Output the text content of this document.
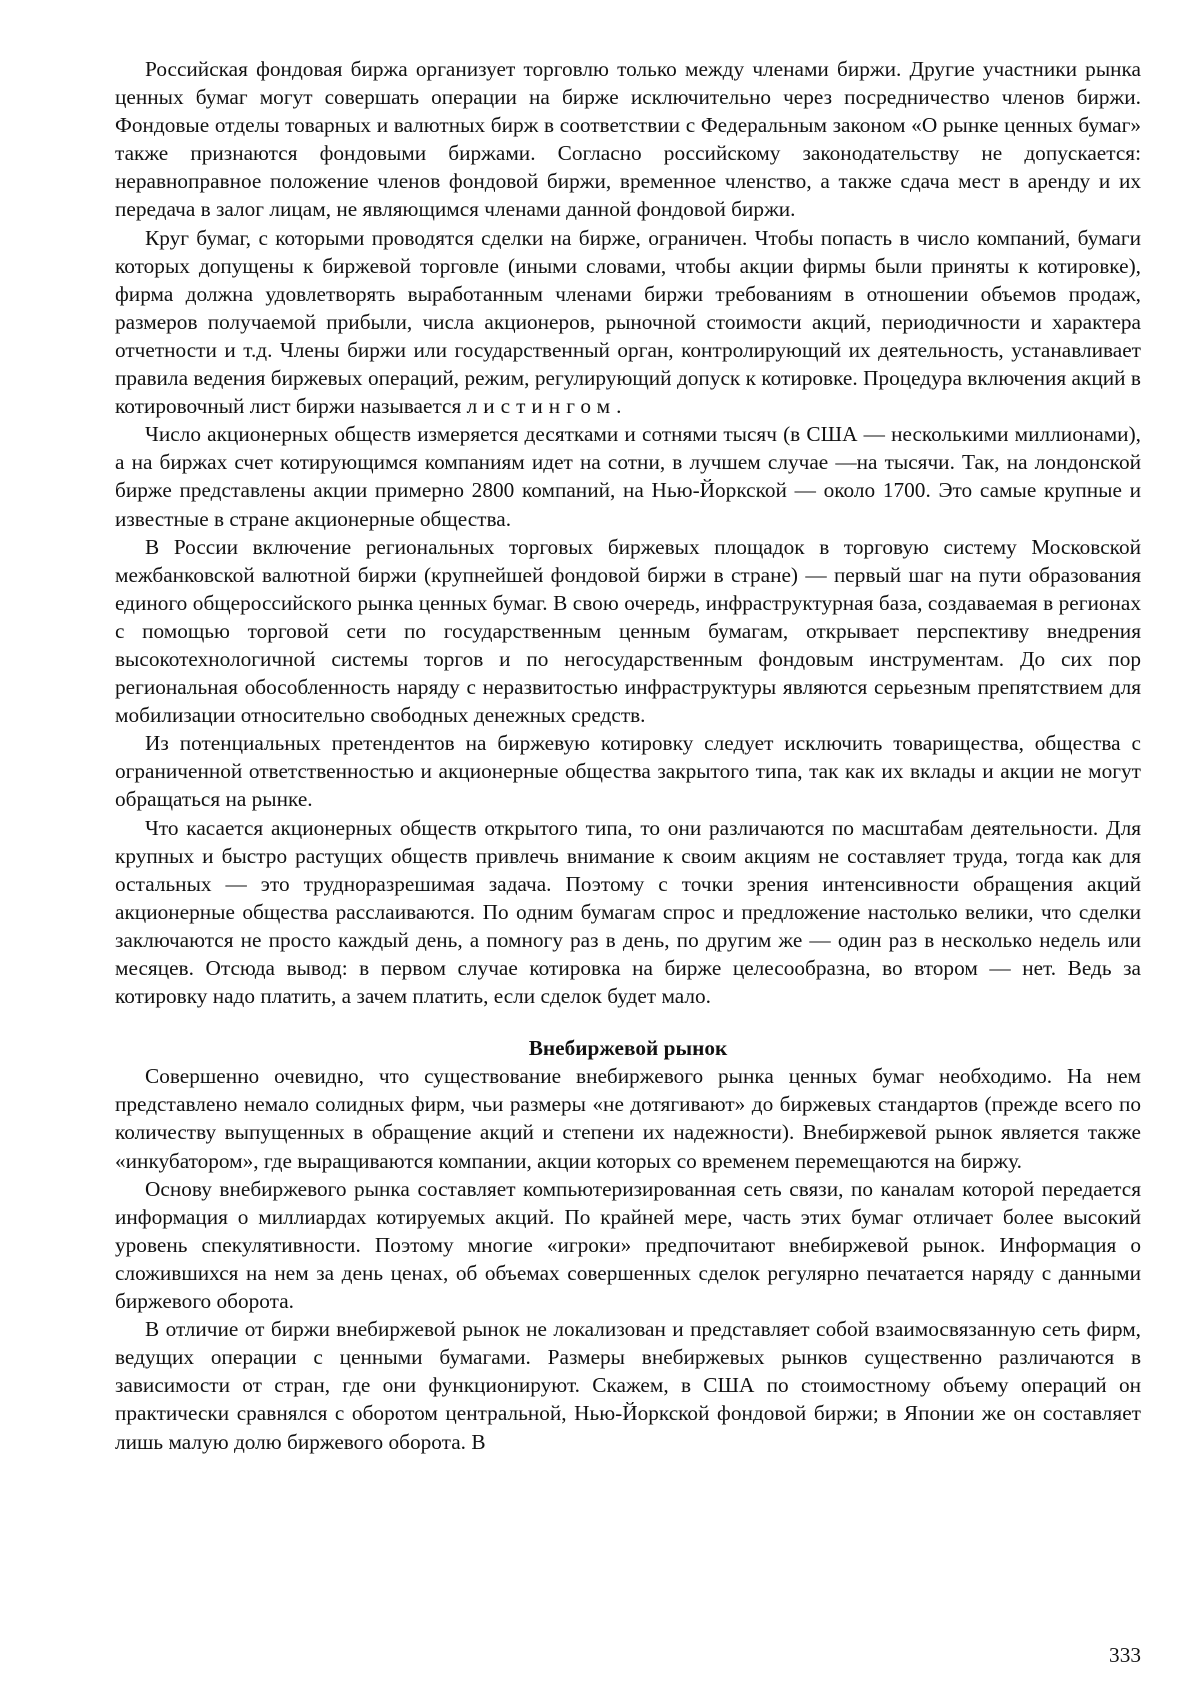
Российская фондовая биржа организует торговлю только между членами биржи. Другие участники рынка ценных бумаг могут совершать операции на бирже исключительно через посредничество членов биржи. Фондовые отделы товарных и валютных бирж в соответствии с Федеральным законом «О рынке ценных бумаг» также признаются фондовыми биржами. Согласно российскому законодательству не допускается: неравноправное положение членов фондовой биржи, временное членство, а также сдача мест в аренду и их передача в залог лицам, не являющимся членами данной фондовой биржи.

Круг бумаг, с которыми проводятся сделки на бирже, ограничен. Чтобы попасть в число компаний, бумаги которых допущены к биржевой торговле (иными словами, чтобы акции фирмы были приняты к котировке), фирма должна удовлетворять выработанным членами биржи требованиям в отношении объемов продаж, размеров получаемой прибыли, числа акционеров, рыночной стоимости акций, периодичности и характера отчетности и т.д. Члены биржи или государственный орган, контролирующий их деятельность, устанавливает правила ведения биржевых операций, режим, регулирующий допуск к котировке. Процедура включения акций в котировочный лист биржи называется листингом.

Число акционерных обществ измеряется десятками и сотнями тысяч (в США — несколькими миллионами), а на биржах счет котирующимся компаниям идет на сотни, в лучшем случае —на тысячи. Так, на лондонской бирже представлены акции примерно 2800 компаний, на Нью-Йоркской — около 1700. Это самые крупные и известные в стране акционерные общества.

В России включение региональных торговых биржевых площадок в торговую систему Московской межбанковской валютной биржи (крупнейшей фондовой биржи в стране) — первый шаг на пути образования единого общероссийского рынка ценных бумаг. В свою очередь, инфраструктурная база, создаваемая в регионах с помощью торговой сети по государственным ценным бумагам, открывает перспективу внедрения высокотехнологичной системы торгов и по негосударственным фондовым инструментам. До сих пор региональная обособленность наряду с неразвитостью инфраструктуры являются серьезным препятствием для мобилизации относительно свободных денежных средств.

Из потенциальных претендентов на биржевую котировку следует исключить товарищества, общества с ограниченной ответственностью и акционерные общества закрытого типа, так как их вклады и акции не могут обращаться на рынке.

Что касается акционерных обществ открытого типа, то они различаются по масштабам деятельности. Для крупных и быстро растущих обществ привлечь внимание к своим акциям не составляет труда, тогда как для остальных — это трудноразрешимая задача. Поэтому с точки зрения интенсивности обращения акций акционерные общества расслаиваются. По одним бумагам спрос и предложение настолько велики, что сделки заключаются не просто каждый день, а помногу раз в день, по другим же — один раз в несколько недель или месяцев. Отсюда вывод: в первом случае котировка на бирже целесообразна, во втором — нет. Ведь за котировку надо платить, а зачем платить, если сделок будет мало.

Внебиржевой рынок

Совершенно очевидно, что существование внебиржевого рынка ценных бумаг необходимо. На нем представлено немало солидных фирм, чьи размеры «не дотягивают» до биржевых стандартов (прежде всего по количеству выпущенных в обращение акций и степени их надежности). Внебиржевой рынок является также «инкубатором», где выращиваются компании, акции которых со временем перемещаются на биржу.

Основу внебиржевого рынка составляет компьютеризированная сеть связи, по каналам которой передается информация о миллиардах котируемых акций. По крайней мере, часть этих бумаг отличает более высокий уровень спекулятивности. Поэтому многие «игроки» предпочитают внебиржевой рынок. Информация о сложившихся на нем за день ценах, об объемах совершенных сделок регулярно печатается наряду с данными биржевого оборота.

В отличие от биржи внебиржевой рынок не локализован и представляет собой взаимосвязанную сеть фирм, ведущих операции с ценными бумагами. Размеры внебиржевых рынков существенно различаются в зависимости от стран, где они функционируют. Скажем, в США по стоимостному объему операций он практически сравнялся с оборотом центральной, Нью-Йоркской фондовой биржи; в Японии же он составляет лишь малую долю биржевого оборота. В

333
